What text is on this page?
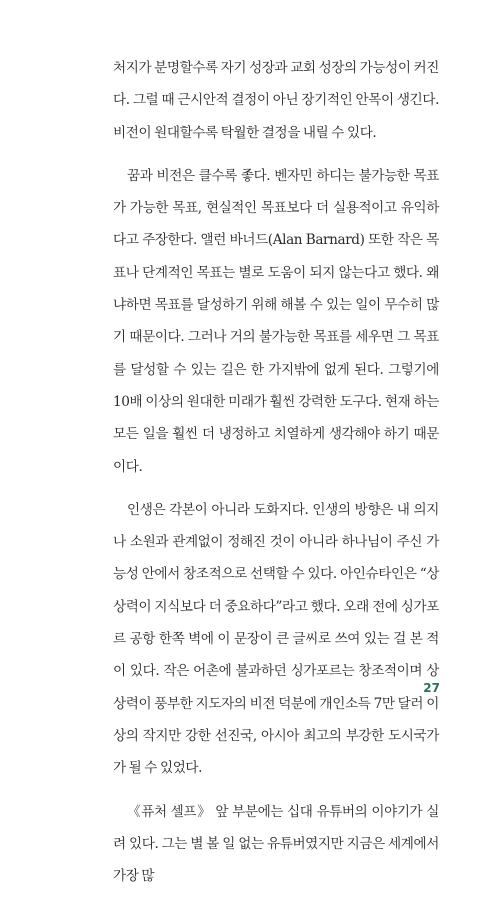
처지가 분명할수록 자기 성장과 교회 성장의 가능성이 커진다. 그럴 때 근시안적 결정이 아닌 장기적인 안목이 생긴다. 비전이 원대할수록 탁월한 결정을 내릴 수 있다.

꿈과 비전은 클수록 좋다. 벤자민 하디는 불가능한 목표가 가능한 목표, 현실적인 목표보다 더 실용적이고 유익하다고 주장한다. 앨런 바너드(Alan Barnard) 또한 작은 목표나 단계적인 목표는 별로 도움이 되지 않는다고 했다. 왜냐하면 목표를 달성하기 위해 해볼 수 있는 일이 무수히 많기 때문이다. 그러나 거의 불가능한 목표를 세우면 그 목표를 달성할 수 있는 길은 한 가지밖에 없게 된다. 그렇기에 10배 이상의 원대한 미래가 훨씬 강력한 도구다. 현재 하는 모든 일을 훨씬 더 냉정하고 치열하게 생각해야 하기 때문이다.

인생은 각본이 아니라 도화지다. 인생의 방향은 내 의지나 소원과 관계없이 정해진 것이 아니라 하나님이 주신 가능성 안에서 창조적으로 선택할 수 있다. 아인슈타인은 “상상력이 지식보다 더 중요하다”라고 했다. 오래 전에 싱가포르 공항 한쪽 벽에 이 문장이 큰 글씨로 쓰여 있는 걸 본 적이 있다. 작은 어촌에 불과하던 싱가포르는 창조적이며 상상력이 풍부한 지도자의 비전 덕분에 개인소득 7만 달러 이상의 작지만 강한 선진국, 아시아 최고의 부강한 도시국가가 될 수 있었다.

《퓨처 셀프》 앞 부분에는 십대 유튜버의 이야기가 실려 있다. 그는 별 볼 일 없는 유튜버였지만 지금은 세계에서 가장 많

27
